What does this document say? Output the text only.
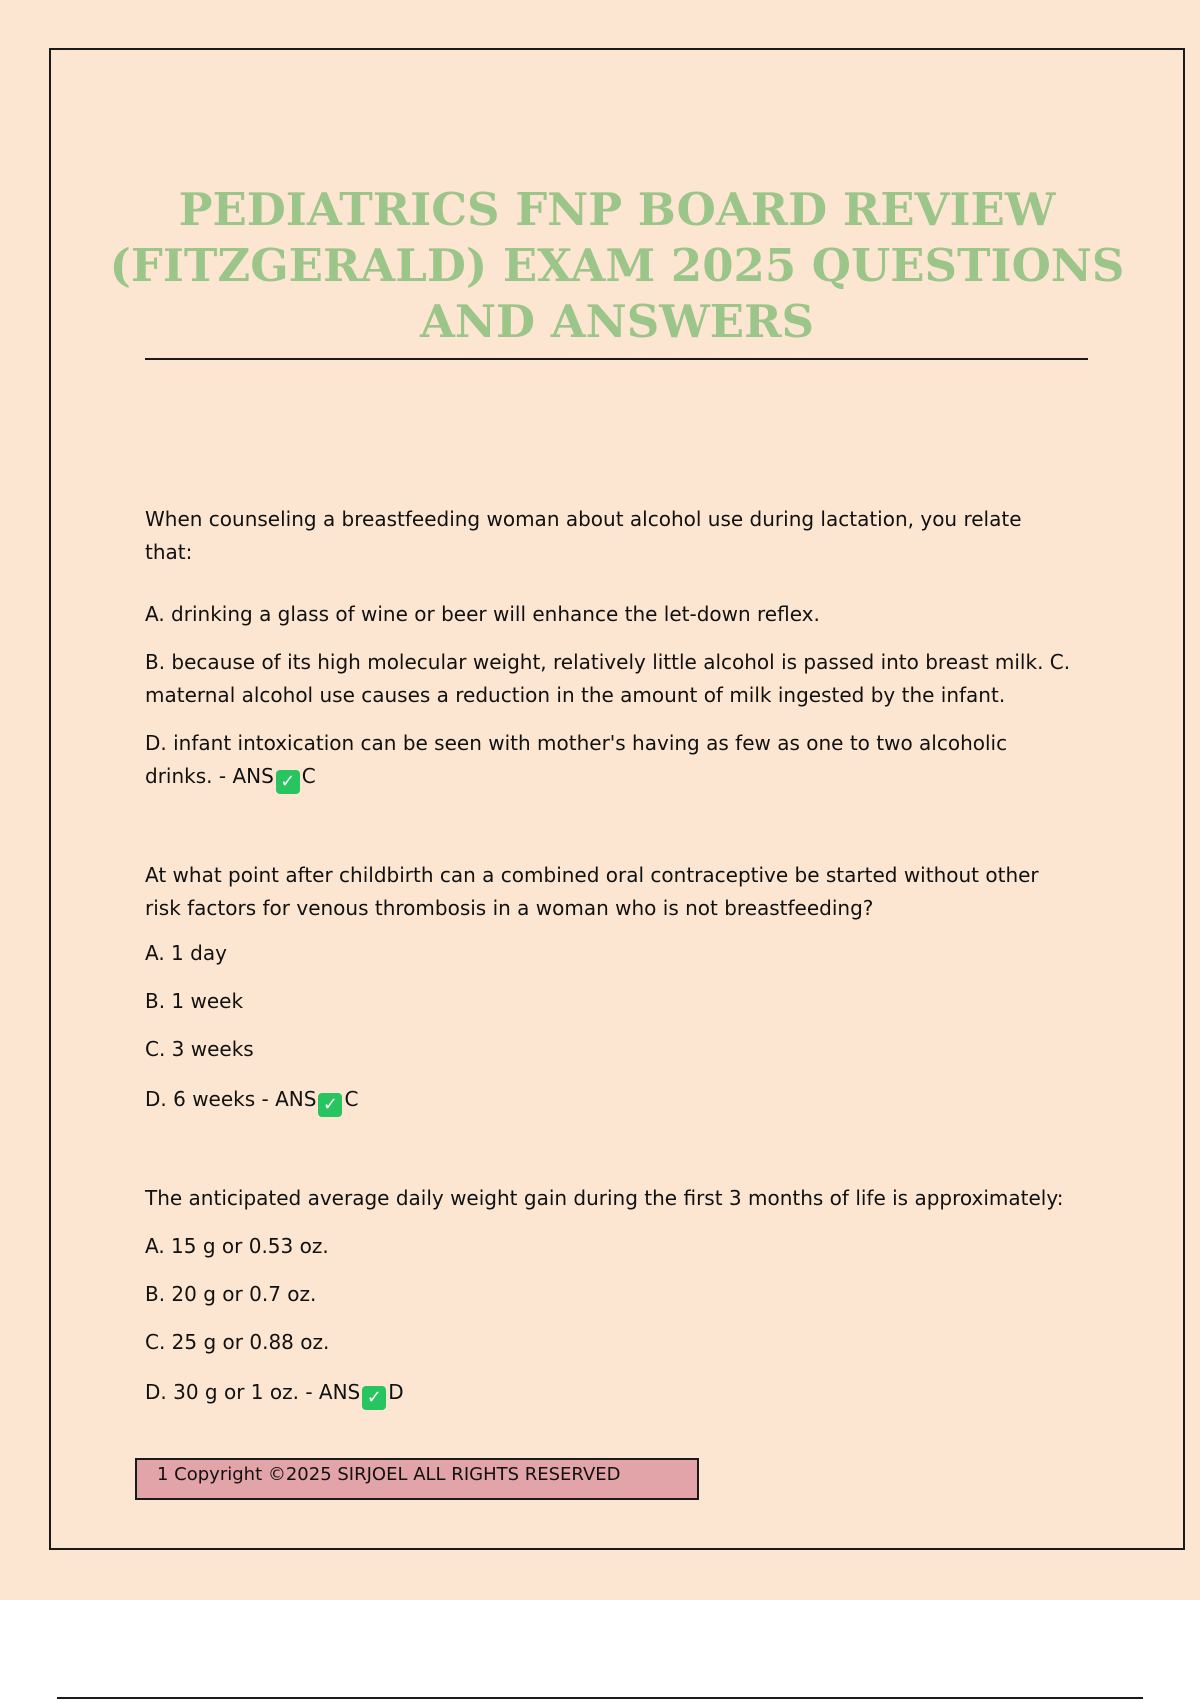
PEDIATRICS FNP BOARD REVIEW (FITZGERALD) EXAM 2025 QUESTIONS AND ANSWERS

When counseling a breastfeeding woman about alcohol use during lactation, you relate that:

A. drinking a glass of wine or beer will enhance the let-down reflex.

B. because of its high molecular weight, relatively little alcohol is passed into breast milk. C. maternal alcohol use causes a reduction in the amount of milk ingested by the infant.

D. infant intoxication can be seen with mother's having as few as one to two alcoholic drinks. - ANS ✓ C

At what point after childbirth can a combined oral contraceptive be started without other risk factors for venous thrombosis in a woman who is not breastfeeding?

A. 1 day

B. 1 week

C. 3 weeks

D. 6 weeks - ANS ✓ C

The anticipated average daily weight gain during the first 3 months of life is approximately:

A. 15 g or 0.53 oz.

B. 20 g or 0.7 oz.

C. 25 g or 0.88 oz.

D. 30 g or 1 oz. - ANS ✓ D

1 Copyright ©2025 SIRJOEL ALL RIGHTS RESERVED
